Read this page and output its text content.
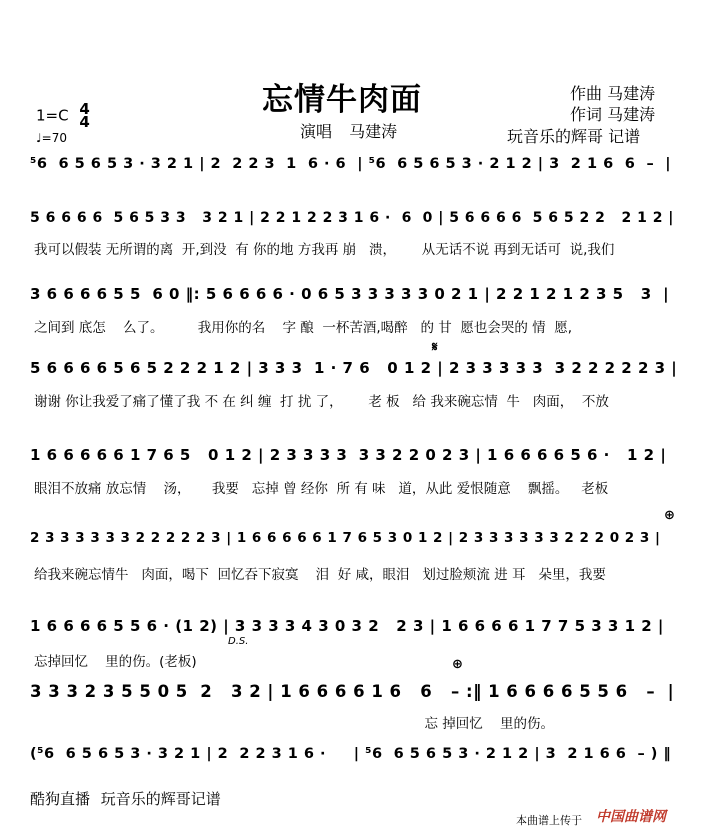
忘情牛肉面
演唱 马建涛
作曲 马建涛
作词 马建涛
玩音乐的辉哥 记谱
1=C 4
4
♩=70
⁵6  6 5 6 5 3 · 3 2 1 | 2  2 2 3  1  6 · 6  | ⁵6  6 5 6 5 3 · 2 1 2 | 3  2 1 6  6  –  |
5 6 6 6 6  5 6 5 3 3   3 2 1 | 2 2 1 2 2 3 1 6 ·  6  0 | 5 6 6 6 6  5 6 5 2 2   2 1 2 |
我可以假装 无所谓的离  开,到没  有 你的地 方我再 崩   溃，      从无话不说 再到无话可  说,我们
3 6 6 6 6 5 5  6 0 ‖: 5 6 6 6 6 · 0 6 5 3 3 3 3 3 0 2 1 | 2 2 1 2 1 2 3 5   3  |
之间到 底怎    么了。        我用你的名    字 酿  一杯苦酒,喝醉   的 甘  愿也会哭的 情  愿,
5 6 6 6 6 5 6 5 2 2 2 1 2 | 3 3 3  1 · 7 6   0 1 2 | 2 3 3 3 3 3  3 2 2 2 2 2 3 |
谢谢 你让我爱了痛了懂了我 不 在 纠 缠  打 扰 了，      老 板   给 我来碗忘情  牛   肉面，  不放
𝄋
1 6 6 6 6 6 1 7 6 5   0 1 2 | 2 3 3 3 3  3 3 2 2 0 2 3 | 1 6 6 6 6 5 6 ·   1 2 |
眼泪不放痛 放忘情    汤，     我要   忘掉 曾 经你  所 有 味   道，从此 爱恨随意    飘摇。   老板
2 3 3 3 3 3 3 2 2 2 2 2 3 | 1 6 6 6 6 6 1 7 6 5 3 0 1 2 | 2 3 3 3 3 3 3 2 2 2 0 2 3 |
给我来碗忘情牛   肉面，喝下  回忆吞下寂寞    泪  好 咸，眼泪   划过脸颊流 进 耳   朵里，我要
⊕
1 6 6 6 6 5 5 6 · (1 2) | 3 3 3 3 4 3 0 3 2   2 3 | 1 6 6 6 6 1 7 7 5 3 3 1 2 |
忘掉回忆    里的伤。(老板)
D.S.
3 3 3 2 3 5 5 0 5  2   3 2 | 1 6 6 6 6 1 6   6   – :‖ 1 6 6 6 6 5 5 6   –  |
忘 掉回忆    里的伤。
⊕
(⁵6  6 5 6 5 3 · 3 2 1 | 2  2 2 3 1 6 ·     | ⁵6  6 5 6 5 3 · 2 1 2 | 3  2 1 6 6  – ) ‖
酷狗直播 玩音乐的辉哥记谱
本曲谱上传于 中国曲谱网
